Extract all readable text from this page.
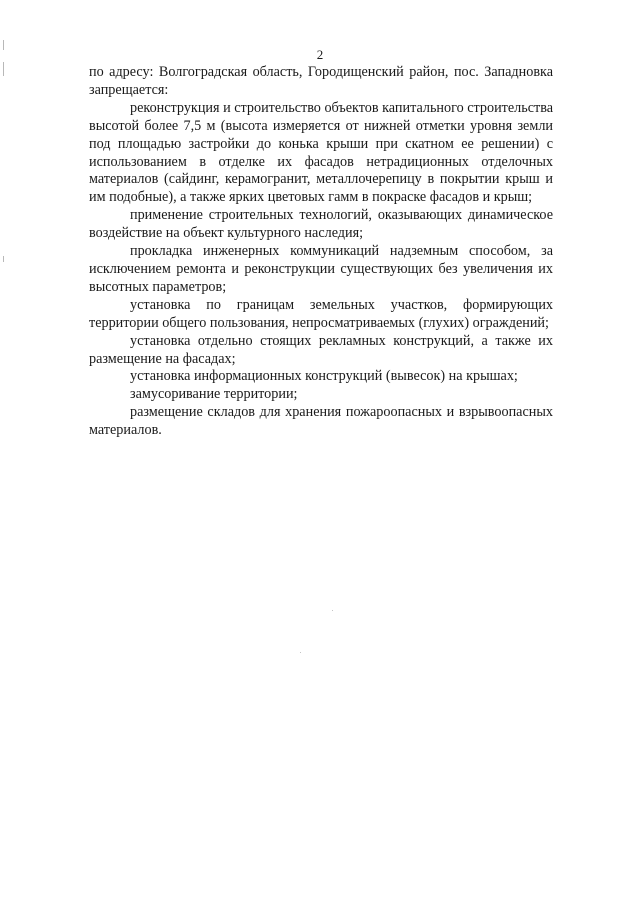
2

по адресу: Волгоградская область, Городищенский район, пос. Западновка запрещается:

реконструкция и строительство объектов капитального строительства высотой более 7,5 м (высота измеряется от нижней отметки уровня земли под площадью застройки до конька крыши при скатном ее решении) с использованием в отделке их фасадов нетрадиционных отделочных материалов (сайдинг, керамогранит, металлочерепицу в покрытии крыш и им подобные), а также ярких цветовых гамм в покраске фасадов и крыш;

применение строительных технологий, оказывающих динамическое воздействие на объект культурного наследия;

прокладка инженерных коммуникаций надземным способом, за исключением ремонта и реконструкции существующих без увеличения их высотных параметров;

установка по границам земельных участков, формирующих территории общего пользования, непросматриваемых (глухих) ограждений;

установка отдельно стоящих рекламных конструкций, а также их размещение на фасадах;

установка информационных конструкций (вывесок) на крышах;

замусоривание территории;

размещение складов для хранения пожароопасных и взрывоопасных материалов.
